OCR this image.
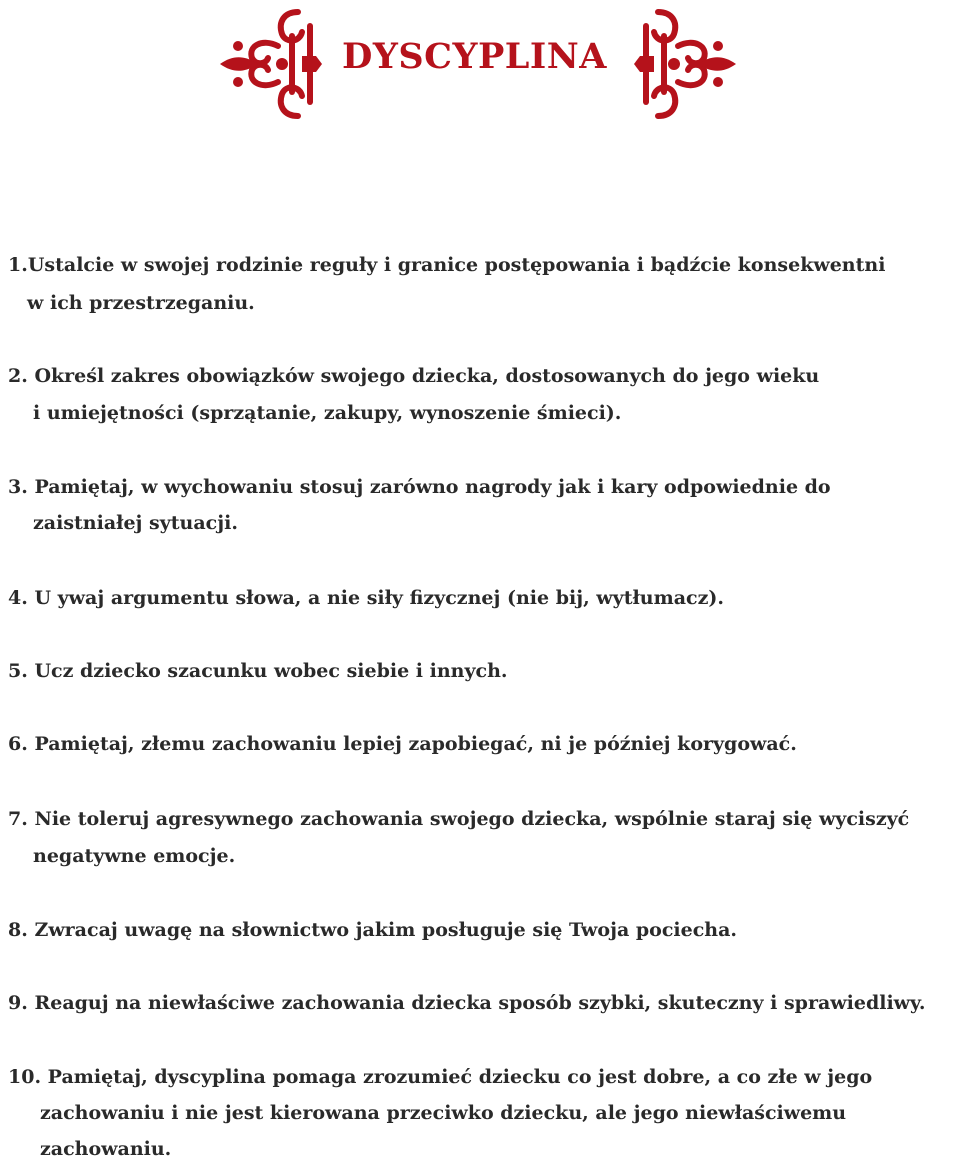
DYSCYPLINA
1.Ustalcie w swojej rodzinie reguły i granice postępowania i bądźcie konsekwentni
w ich przestrzeganiu.
2. Określ zakres obowiązków swojego dziecka, dostosowanych do jego wieku
i umiejętności (sprzątanie, zakupy, wynoszenie śmieci).
3. Pamiętaj, w wychowaniu stosuj zarówno nagrody jak i kary odpowiednie do
zaistniałej sytuacji.
4. U ywaj argumentu słowa, a nie siły fizycznej (nie bij, wytłumacz).
5. Ucz dziecko szacunku wobec siebie i innych.
6. Pamiętaj, złemu zachowaniu lepiej zapobiegać, ni je później korygować.
7. Nie toleruj agresywnego zachowania swojego dziecka, wspólnie staraj się wyciszyć
negatywne emocje.
8. Zwracaj uwagę na słownictwo jakim posługuje się Twoja pociecha.
9. Reaguj na niewłaściwe zachowania dziecka sposób szybki, skuteczny i sprawiedliwy.
10. Pamiętaj, dyscyplina pomaga zrozumieć dziecku co jest dobre, a co złe w jego
zachowaniu i nie jest kierowana przeciwko dziecku, ale jego niewłaściwemu
zachowaniu.
